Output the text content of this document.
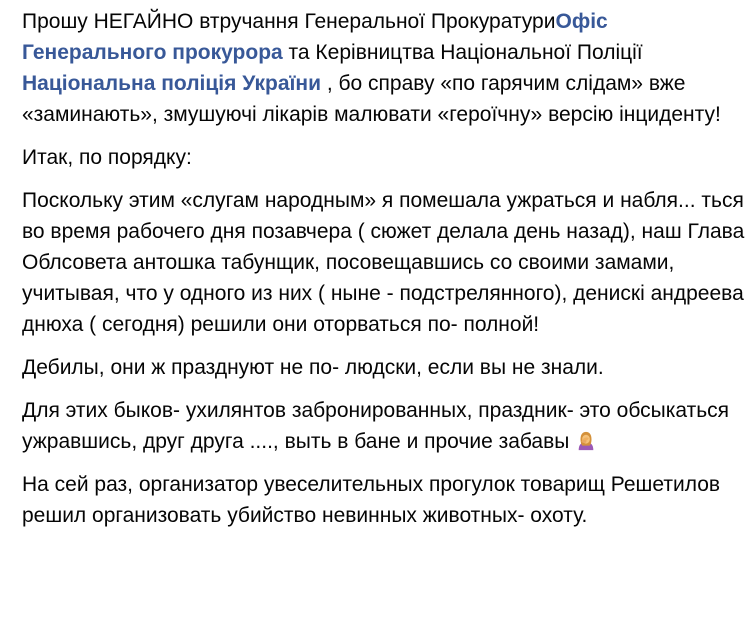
Прошу НЕГАЙНО втручання Генеральної ПрокуратуриОфіс Генерального прокурора та Керівництва Національної Поліції Національна поліція України , бо справу «по гарячим слідам» вже «заминають», змушуючі лікарів малювати «героїчну» версію інциденту!

Итак, по порядку:

Поскольку этим «слугам народным» я помешала ужраться и набля... ться во время рабочего дня позавчера ( сюжет делала день назад), наш Глава Облсовета антошка табунщик, посовещавшись со своими замами, учитывая, что у одного из них ( ныне - подстрелянного), денискi андреева днюха ( сегодня) решили они оторваться по- полной!

Дебилы, они ж празднуют не по- людски, если вы не знали.

Для этих быков- ухилянтов забронированных, праздник- это обсыкаться ужравшись, друг друга ...., выть в бане и прочие забавы

На сей раз, организатор увеселительных прогулок товарищ Решетилов решил организовать убийство невинных животных- охоту.
